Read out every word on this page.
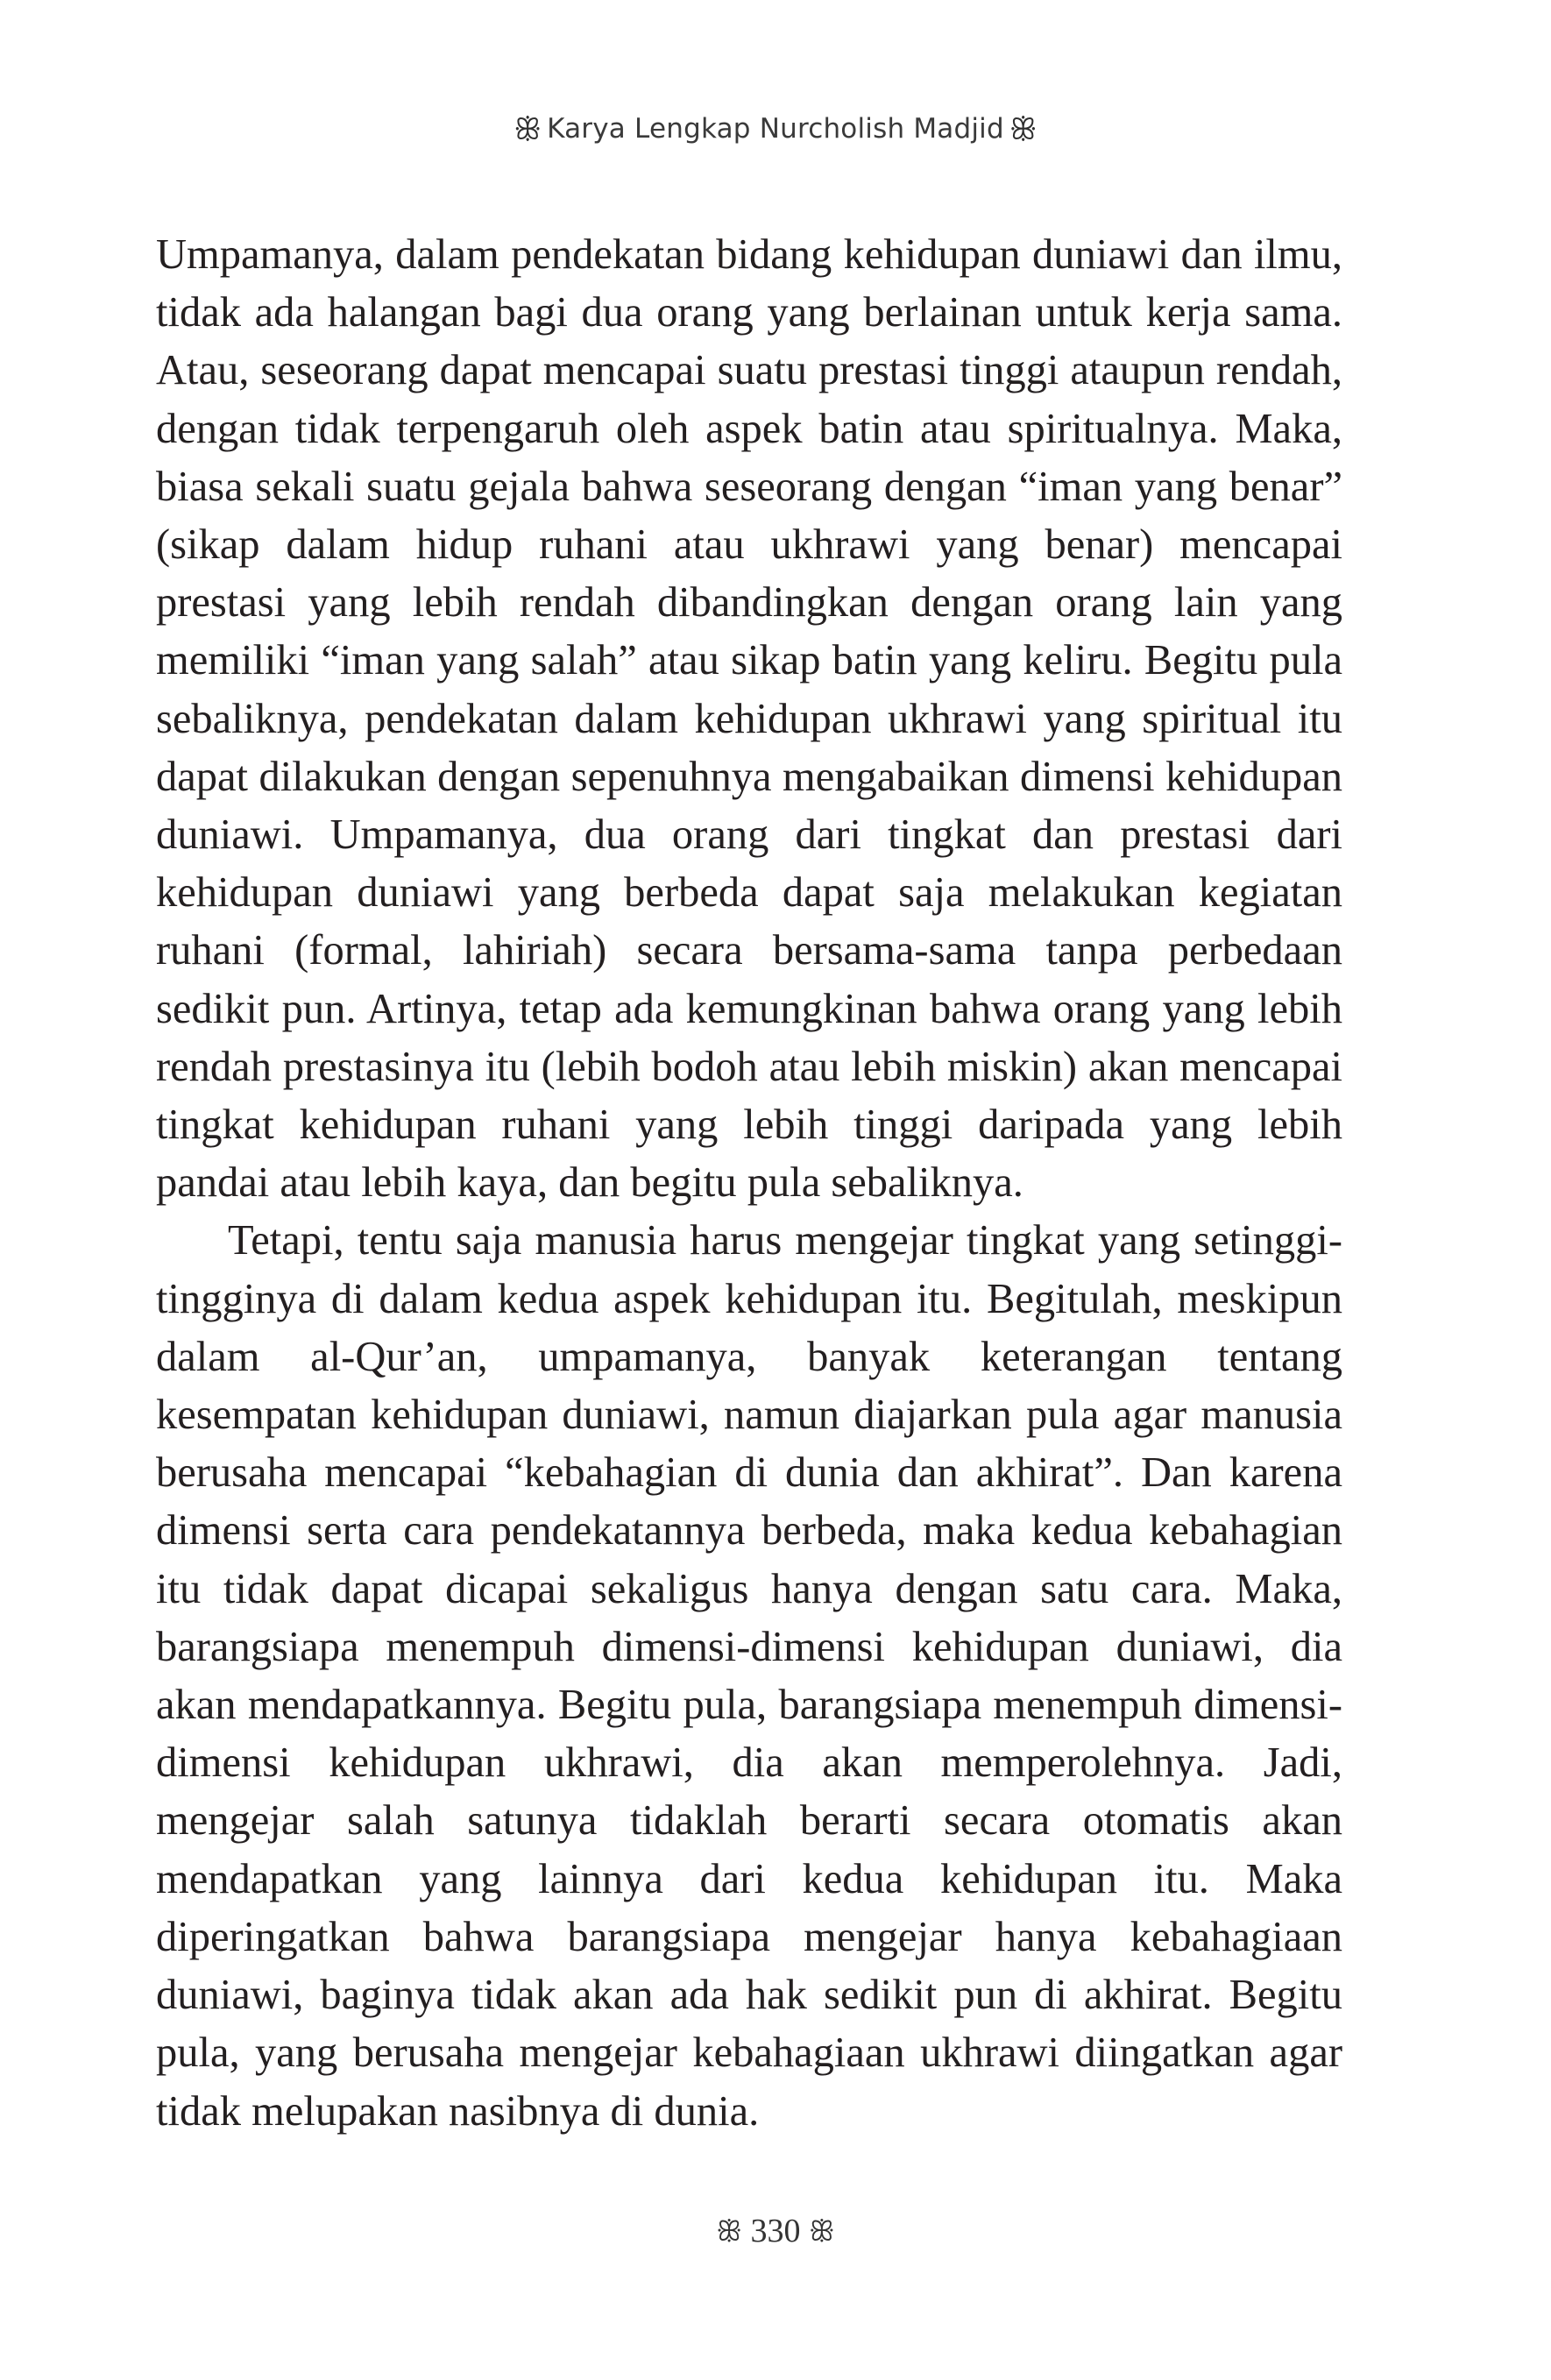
ꕥ Karya Lengkap Nurcholish Madjid ꕥ

Umpamanya, dalam pendekatan bidang kehidupan duniawi dan ilmu, tidak ada halangan bagi dua orang yang berlainan untuk kerja sama. Atau, seseorang dapat mencapai suatu prestasi tinggi ataupun rendah, dengan tidak terpengaruh oleh aspek batin atau spiritualnya. Maka, biasa sekali suatu gejala bahwa seseorang dengan “iman yang benar” (sikap dalam hidup ruhani atau ukhrawi yang benar) mencapai prestasi yang lebih rendah dibandingkan dengan orang lain yang memiliki “iman yang salah” atau sikap batin yang keliru. Begitu pula sebaliknya, pendekatan dalam kehidupan ukhrawi yang spiritual itu dapat dilakukan dengan sepenuhnya mengabaikan dimensi kehidupan duniawi. Umpamanya, dua orang dari tingkat dan prestasi dari kehidupan duniawi yang berbeda dapat saja melakukan kegiatan ruhani (formal, lahiriah) secara bersama-sama tanpa perbedaan sedikit pun. Artinya, tetap ada kemungkinan bahwa orang yang lebih rendah prestasinya itu (lebih bodoh atau lebih miskin) akan mencapai tingkat kehidupan ruhani yang lebih tinggi daripada yang lebih pandai atau lebih kaya, dan begitu pula sebaliknya.

Tetapi, tentu saja manusia harus mengejar tingkat yang setinggi-tingginya di dalam kedua aspek kehidupan itu. Begitulah, meskipun dalam al-Qur’an, umpamanya, banyak keterangan tentang kesempatan kehidupan duniawi, namun diajarkan pula agar manusia berusaha mencapai “kebahagian di dunia dan akhirat”. Dan karena dimensi serta cara pendekatannya berbeda, maka kedua kebahagian itu tidak dapat dicapai sekaligus hanya dengan satu cara. Maka, barangsiapa menempuh dimensi-dimensi kehidupan duniawi, dia akan mendapatkannya. Begitu pula, barangsiapa menempuh dimensi-dimensi kehidupan ukhrawi, dia akan memperolehnya. Jadi, mengejar salah satunya tidaklah berarti secara otomatis akan mendapatkan yang lainnya dari kedua kehidupan itu. Maka diperingatkan bahwa barangsiapa mengejar hanya kebahagiaan duniawi, baginya tidak akan ada hak sedikit pun di akhirat. Begitu pula, yang berusaha mengejar kebahagiaan ukhrawi diingatkan agar tidak melupakan nasibnya di dunia.

ꕥ 330 ꕥ
